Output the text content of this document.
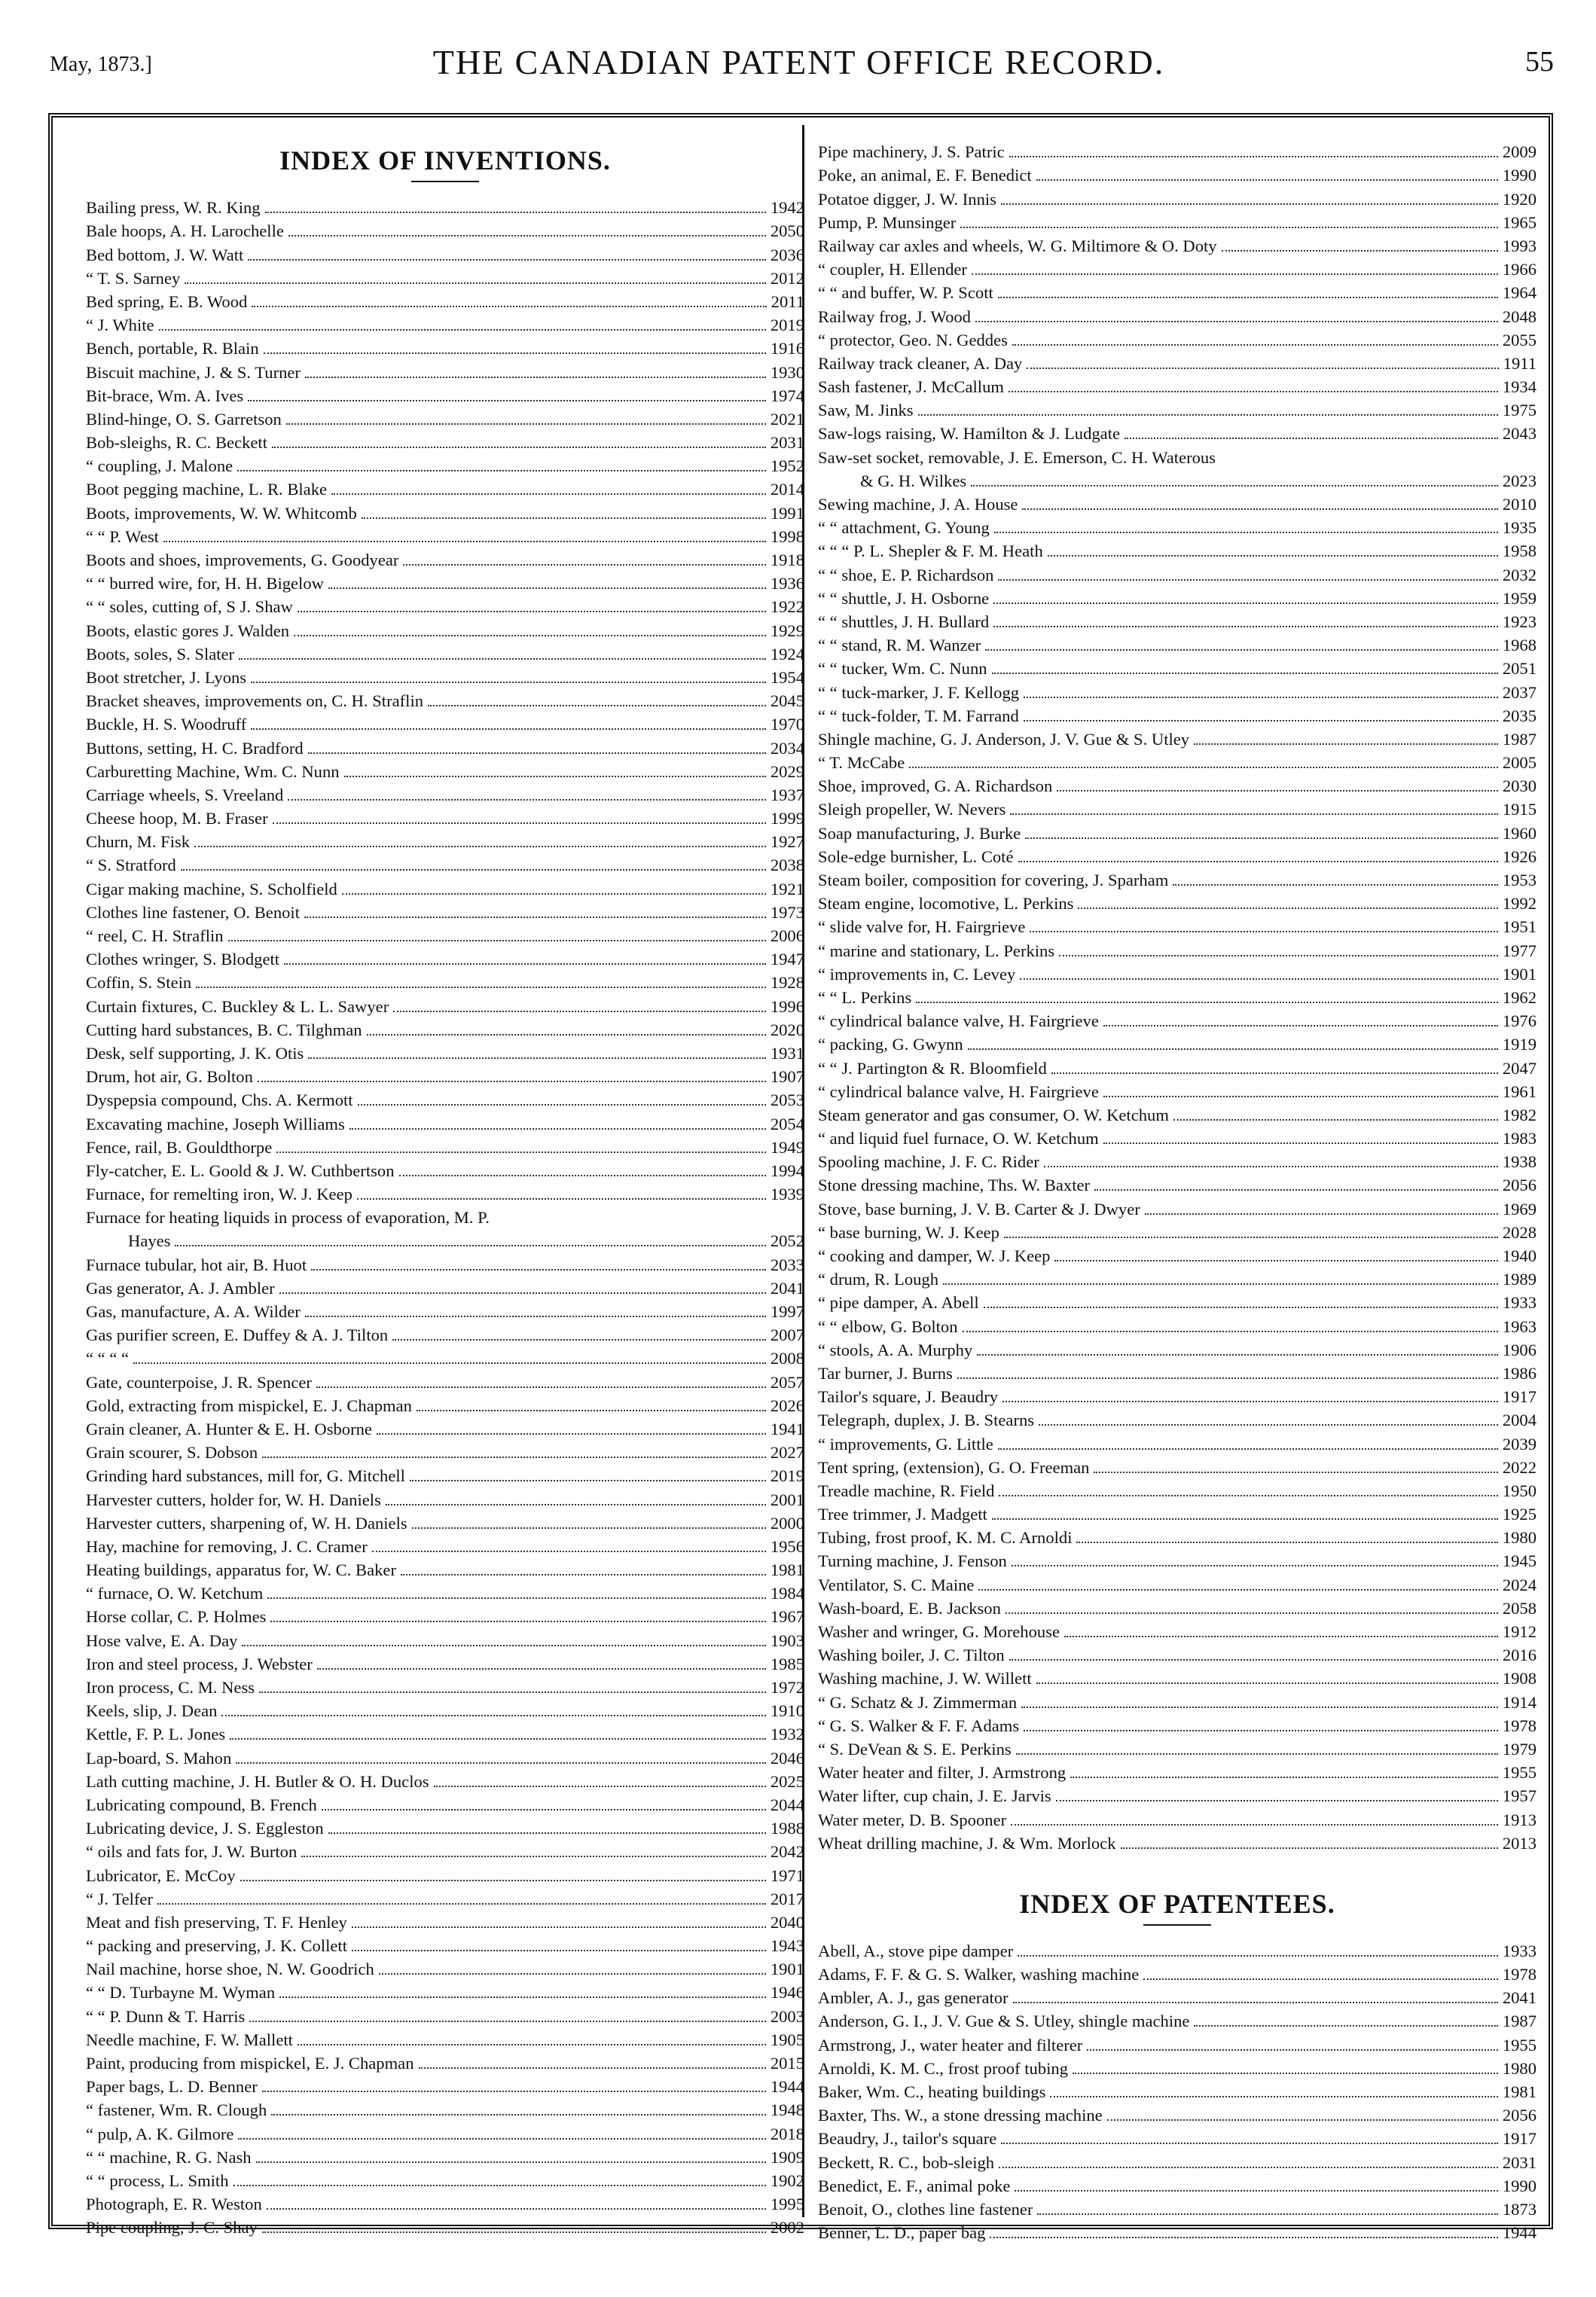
May, 1873.]	THE CANADIAN PATENT OFFICE RECORD.	55
INDEX OF INVENTIONS.
Bailing press, W. R. King	1942
Bale hoops, A. H. Larochelle	2050
Bed bottom, J. W. Watt	2036
“ T. S. Sarney	2012
Bed spring, E. B. Wood	2011
“ J. White	2019
Bench, portable, R. Blain	1916
Biscuit machine, J. & S. Turner	1930
Bit-brace, Wm. A. Ives	1974
Blind-hinge, O. S. Garretson	2021
Bob-sleighs, R. C. Beckett	2031
“ coupling, J. Malone	1952
Boot pegging machine, L. R. Blake	2014
Boots, improvements, W. W. Whitcomb	1991
“ “ P. West	1998
Boots and shoes, improvements, G. Goodyear	1918
“ “ burred wire, for, H. H. Bigelow	1936
“ “ soles, cutting of, S J. Shaw	1922
Boots, elastic gores J. Walden	1929
Boots, soles, S. Slater	1924
Boot stretcher, J. Lyons	1954
Bracket sheaves, improvements on, C. H. Straflin	2045
Buckle, H. S. Woodruff	1970
Buttons, setting, H. C. Bradford	2034
Carburetting Machine, Wm. C. Nunn	2029
Carriage wheels, S. Vreeland	1937
Cheese hoop, M. B. Fraser	1999
Churn, M. Fisk	1927
“ S. Stratford	2038
Cigar making machine, S. Scholfield	1921
Clothes line fastener, O. Benoit	1973
“ reel, C. H. Straflin	2006
Clothes wringer, S. Blodgett	1947
Coffin, S. Stein	1928
Curtain fixtures, C. Buckley & L. L. Sawyer	1996
Cutting hard substances, B. C. Tilghman	2020
Desk, self supporting, J. K. Otis	1931
Drum, hot air, G. Bolton	1907
Dyspepsia compound, Chs. A. Kermott	2053
Excavating machine, Joseph Williams	2054
Fence, rail, B. Gouldthorpe	1949
Fly-catcher, E. L. Goold & J. W. Cuthbertson	1994
Furnace, for remelting iron, W. J. Keep	1939
Furnace for heating liquids in process of evaporation, M. P.
Hayes	2052
Furnace tubular, hot air, B. Huot	2033
Gas generator, A. J. Ambler	2041
Gas, manufacture, A. A. Wilder	1997
Gas purifier screen, E. Duffey & A. J. Tilton	2007
“ “ “ “	2008
Gate, counterpoise, J. R. Spencer	2057
Gold, extracting from mispickel, E. J. Chapman	2026
Grain cleaner, A. Hunter & E. H. Osborne	1941
Grain scourer, S. Dobson	2027
Grinding hard substances, mill for, G. Mitchell	2019
Harvester cutters, holder for, W. H. Daniels	2001
Harvester cutters, sharpening of, W. H. Daniels	2000
Hay, machine for removing, J. C. Cramer	1956
Heating buildings, apparatus for, W. C. Baker	1981
“ furnace, O. W. Ketchum	1984
Horse collar, C. P. Holmes	1967
Hose valve, E. A. Day	1903
Iron and steel process, J. Webster	1985
Iron process, C. M. Ness	1972
Keels, slip, J. Dean	1910
Kettle, F. P. L. Jones	1932
Lap-board, S. Mahon	2046
Lath cutting machine, J. H. Butler & O. H. Duclos	2025
Lubricating compound, B. French	2044
Lubricating device, J. S. Eggleston	1988
“ oils and fats for, J. W. Burton	2042
Lubricator, E. McCoy	1971
“ J. Telfer	2017
Meat and fish preserving, T. F. Henley	2040
“ packing and preserving, J. K. Collett	1943
Nail machine, horse shoe, N. W. Goodrich	1901
“ “ D. Turbayne M. Wyman	1946
“ “ P. Dunn & T. Harris	2003
Needle machine, F. W. Mallett	1905
Paint, producing from mispickel, E. J. Chapman	2015
Paper bags, L. D. Benner	1944
“ fastener, Wm. R. Clough	1948
“ pulp, A. K. Gilmore	2018
“ “ machine, R. G. Nash	1909
“ “ process, L. Smith	1902
Photograph, E. R. Weston	1995
Pipe coupling, J. C. Shay	2002
Pipe machinery, J. S. Patric	2009
Poke, an animal, E. F. Benedict	1990
Potatoe digger, J. W. Innis	1920
Pump, P. Munsinger	1965
Railway car axles and wheels, W. G. Miltimore & O. Doty	1993
“ coupler, H. Ellender	1966
“ “ and buffer, W. P. Scott	1964
Railway frog, J. Wood	2048
“ protector, Geo. N. Geddes	2055
Railway track cleaner, A. Day	1911
Sash fastener, J. McCallum	1934
Saw, M. Jinks	1975
Saw-logs raising, W. Hamilton & J. Ludgate	2043
Saw-set socket, removable, J. E. Emerson, C. H. Waterous
& G. H. Wilkes	2023
Sewing machine, J. A. House	2010
“ “ attachment, G. Young	1935
“ “ “ P. L. Shepler & F. M. Heath	1958
“ “ shoe, E. P. Richardson	2032
“ “ shuttle, J. H. Osborne	1959
“ “ shuttles, J. H. Bullard	1923
“ “ stand, R. M. Wanzer	1968
“ “ tucker, Wm. C. Nunn	2051
“ “ tuck-marker, J. F. Kellogg	2037
“ “ tuck-folder, T. M. Farrand	2035
Shingle machine, G. J. Anderson, J. V. Gue & S. Utley	1987
“ T. McCabe	2005
Shoe, improved, G. A. Richardson	2030
Sleigh propeller, W. Nevers	1915
Soap manufacturing, J. Burke	1960
Sole-edge burnisher, L. Coté	1926
Steam boiler, composition for covering, J. Sparham	1953
Steam engine, locomotive, L. Perkins	1992
“ slide valve for, H. Fairgrieve	1951
“ marine and stationary, L. Perkins	1977
“ improvements in, C. Levey	1901
“ “ L. Perkins	1962
“ cylindrical balance valve, H. Fairgrieve	1976
“ packing, G. Gwynn	1919
“ “ J. Partington & R. Bloomfield	2047
“ cylindrical balance valve, H. Fairgrieve	1961
Steam generator and gas consumer, O. W. Ketchum	1982
“ and liquid fuel furnace, O. W. Ketchum	1983
Spooling machine, J. F. C. Rider	1938
Stone dressing machine, Ths. W. Baxter	2056
Stove, base burning, J. V. B. Carter & J. Dwyer	1969
“ base burning, W. J. Keep	2028
“ cooking and damper, W. J. Keep	1940
“ drum, R. Lough	1989
“ pipe damper, A. Abell	1933
“ “ elbow, G. Bolton	1963
“ stools, A. A. Murphy	1906
Tar burner, J. Burns	1986
Tailor's square, J. Beaudry	1917
Telegraph, duplex, J. B. Stearns	2004
“ improvements, G. Little	2039
Tent spring, (extension), G. O. Freeman	2022
Treadle machine, R. Field	1950
Tree trimmer, J. Madgett	1925
Tubing, frost proof, K. M. C. Arnoldi	1980
Turning machine, J. Fenson	1945
Ventilator, S. C. Maine	2024
Wash-board, E. B. Jackson	2058
Washer and wringer, G. Morehouse	1912
Washing boiler, J. C. Tilton	2016
Washing machine, J. W. Willett	1908
“ G. Schatz & J. Zimmerman	1914
“ G. S. Walker & F. F. Adams	1978
“ S. DeVean & S. E. Perkins	1979
Water heater and filter, J. Armstrong	1955
Water lifter, cup chain, J. E. Jarvis	1957
Water meter, D. B. Spooner	1913
Wheat drilling machine, J. & Wm. Morlock	2013
INDEX OF PATENTEES.
Abell, A., stove pipe damper	1933
Adams, F. F. & G. S. Walker, washing machine	1978
Ambler, A. J., gas generator	2041
Anderson, G. I., J. V. Gue & S. Utley, shingle machine	1987
Armstrong, J., water heater and filterer	1955
Arnoldi, K. M. C., frost proof tubing	1980
Baker, Wm. C., heating buildings	1981
Baxter, Ths. W., a stone dressing machine	2056
Beaudry, J., tailor's square	1917
Beckett, R. C., bob-sleigh	2031
Benedict, E. F., animal poke	1990
Benoit, O., clothes line fastener	1873
Benner, L. D., paper bag	1944
